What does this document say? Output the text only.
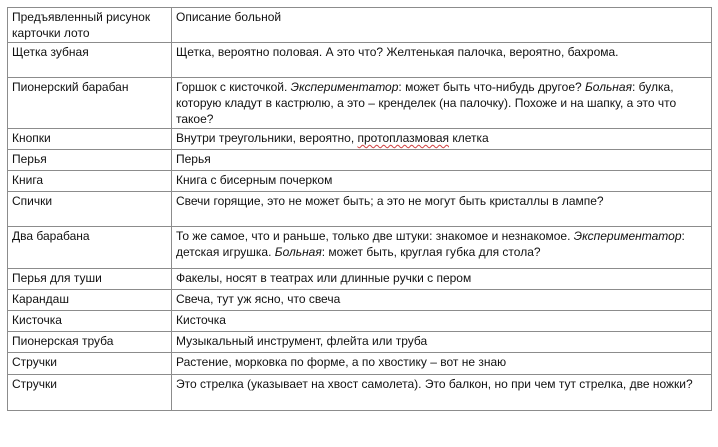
Предъявленный рисунок карточки лото	Описание больной
Щетка зубная	Щетка, вероятно половая. А это что? Желтенькая палочка, вероятно, бахрома.
Пионерский барабан	Горшок с кисточкой. Экспериментатор: может быть что-нибудь другое? Больная: булка, которую кладут в кастрюлю, а это – кренделек (на палочку). Похоже и на шапку, а это что такое?
Кнопки	Внутри треугольники, вероятно, протоплазмовая клетка
Перья	Перья
Книга	Книга с бисерным почерком
Спички	Свечи горящие, это не может быть; а это не могут быть кристаллы в лампе?
Два барабана	То же самое, что и раньше, только две штуки: знакомое и незнакомое. Экспериментатор: детская игрушка. Больная: может быть, круглая губка для стола?
Перья для туши	Факелы, носят в театрах или длинные ручки с пером
Карандаш	Свеча, тут уж ясно, что свеча
Кисточка	Кисточка
Пионерская труба	Музыкальный инструмент, флейта или труба
Стручки	Растение, морковка по форме, а по хвостику – вот не знаю
Стручки	Это стрелка (указывает на хвост самолета). Это балкон, но при чем тут стрелка, две ножки?
